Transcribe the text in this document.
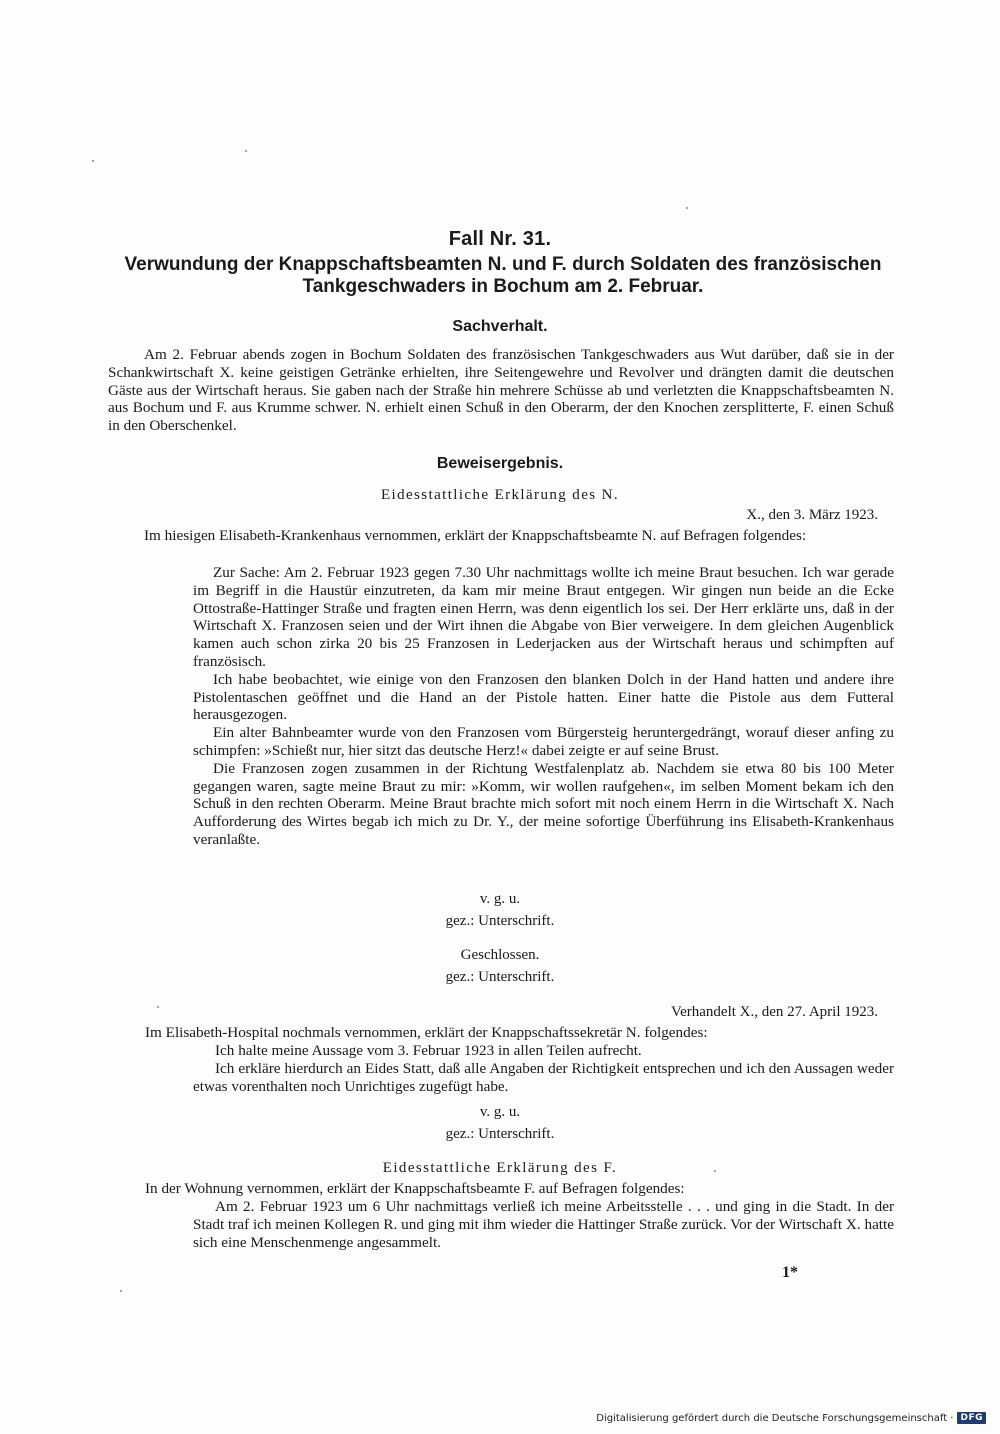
Fall Nr. 31.
Verwundung der Knappschaftsbeamten N. und F. durch Soldaten des französischen Tankgeschwaders in Bochum am 2. Februar.
Sachverhalt.

Am 2. Februar abends zogen in Bochum Soldaten des französischen Tankgeschwaders aus Wut darüber, daß sie in der Schankwirtschaft X. keine geistigen Getränke erhielten, ihre Seitengewehre und Revolver und drängten damit die deutschen Gäste aus der Wirtschaft heraus. Sie gaben nach der Straße hin mehrere Schüsse ab und verletzten die Knappschaftsbeamten N. aus Bochum und F. aus Krumme schwer. N. erhielt einen Schuß in den Oberarm, der den Knochen zersplitterte, F. einen Schuß in den Oberschenkel.

Beweisergebnis.
Eidesstattliche Erklärung des N.
X., den 3. März 1923.

Im hiesigen Elisabeth-Krankenhaus vernommen, erklärt der Knappschaftsbeamte N. auf Befragen folgendes:

Zur Sache: Am 2. Februar 1923 gegen 7.30 Uhr nachmittags wollte ich meine Braut besuchen. Ich war gerade im Begriff in die Haustür einzutreten, da kam mir meine Braut entgegen. Wir gingen nun beide an die Ecke Ottostraße-Hattinger Straße und fragten einen Herrn, was denn eigentlich los sei. Der Herr erklärte uns, daß in der Wirtschaft X. Franzosen seien und der Wirt ihnen die Abgabe von Bier verweigere. In dem gleichen Augenblick kamen auch schon zirka 20 bis 25 Franzosen in Lederjacken aus der Wirtschaft heraus und schimpften auf französisch.

Ich habe beobachtet, wie einige von den Franzosen den blanken Dolch in der Hand hatten und andere ihre Pistolentaschen geöffnet und die Hand an der Pistole hatten. Einer hatte die Pistole aus dem Futteral herausgezogen.

Ein alter Bahnbeamter wurde von den Franzosen vom Bürgersteig heruntergedrängt, worauf dieser anfing zu schimpfen: »Schießt nur, hier sitzt das deutsche Herz!« dabei zeigte er auf seine Brust.

Die Franzosen zogen zusammen in der Richtung Westfalenplatz ab. Nachdem sie etwa 80 bis 100 Meter gegangen waren, sagte meine Braut zu mir: »Komm, wir wollen raufgehen«, im selben Moment bekam ich den Schuß in den rechten Oberarm. Meine Braut brachte mich sofort mit noch einem Herrn in die Wirtschaft X. Nach Aufforderung des Wirtes begab ich mich zu Dr. Y., der meine sofortige Überführung ins Elisabeth-Krankenhaus veranlaßte.

v. g. u.
gez.: Unterschrift.
Geschlossen.
gez.: Unterschrift.
Verhandelt X., den 27. April 1923.

Im Elisabeth-Hospital nochmals vernommen, erklärt der Knappschaftssekretär N. folgendes:

Ich halte meine Aussage vom 3. Februar 1923 in allen Teilen aufrecht.

Ich erkläre hierdurch an Eides Statt, daß alle Angaben der Richtigkeit entsprechen und ich den Aussagen weder etwas vorenthalten noch Unrichtiges zugefügt habe.

v. g. u.
gez.: Unterschrift.
Eidesstattliche Erklärung des F.

In der Wohnung vernommen, erklärt der Knappschaftsbeamte F. auf Befragen folgendes:

Am 2. Februar 1923 um 6 Uhr nachmittags verließ ich meine Arbeitsstelle . . . und ging in die Stadt. In der Stadt traf ich meinen Kollegen R. und ging mit ihm wieder die Hattinger Straße zurück. Vor der Wirtschaft X. hatte sich eine Menschenmenge angesammelt.

1*
Digitalisierung gefördert durch die Deutsche Forschungsgemeinschaft · DFG
